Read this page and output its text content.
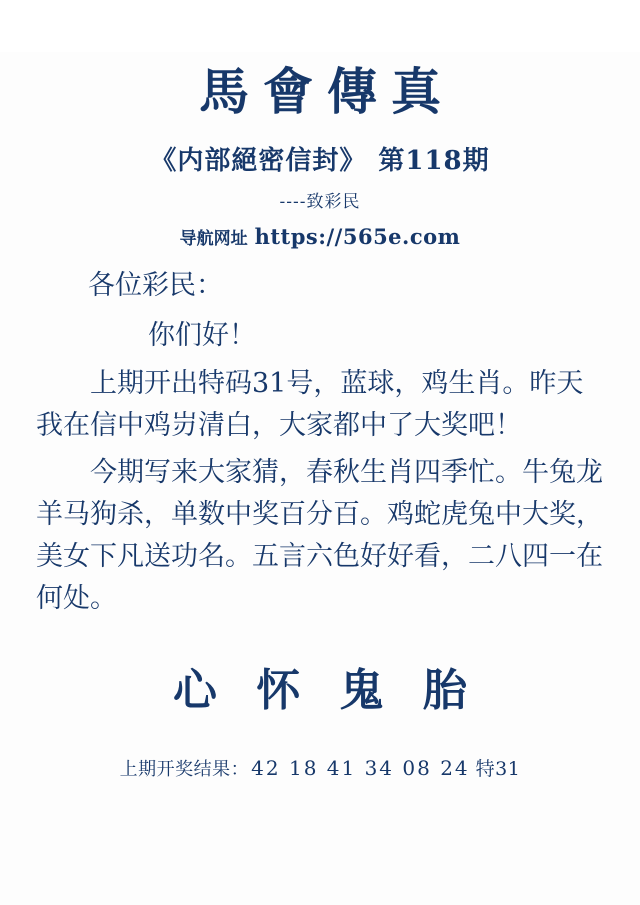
馬會傳真
《内部絕密信封》 第118期
----致彩民
导航网址 https://565e.com
各位彩民：
你们好！
上期开出特码31号，蓝球，鸡生肖。昨天我在信中鸡岃清白，大家都中了大奖吧！
今期写来大家猜，春秋生肖四季忙。牛兔龙羊马狗杀，单数中奖百分百。鸡蛇虎兔中大奖，美女下凡送功名。五言六色好好看，二八四一在何处。
心 怀 鬼 胎
上期开奖结果： 42 18 41 34 08 24 特31
